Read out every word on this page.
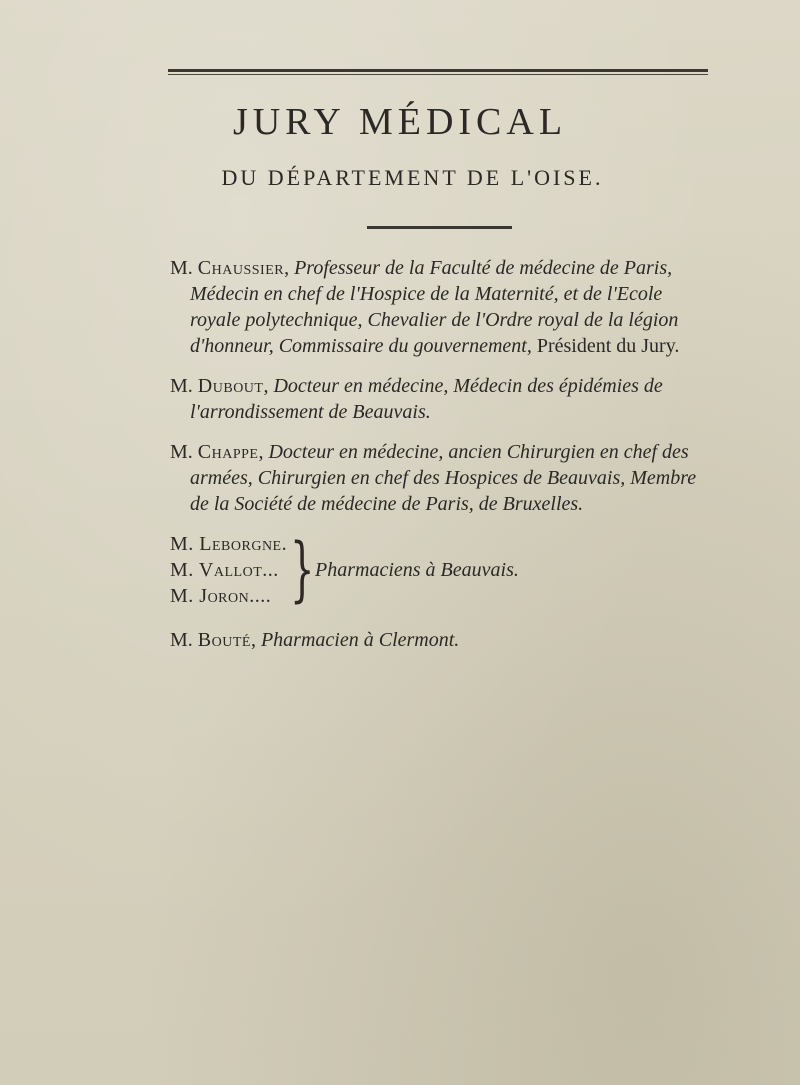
JURY MÉDICAL
DU DÉPARTEMENT DE L'OISE.
M. Chaussier, Professeur de la Faculté de médecine de Paris, Médecin en chef de l'Hospice de la Maternité, et de l'Ecole royale polytechnique, Chevalier de l'Ordre royal de la légion d'honneur, Commissaire du gouvernement, Président du Jury.
M. Dubout, Docteur en médecine, Médecin des épidémies de l'arrondissement de Beauvais.
M. Chappe, Docteur en médecine, ancien Chirurgien en chef des armées, Chirurgien en chef des Hospices de Beauvais, Membre de la Société de médecine de Paris, de Bruxelles.
M. Leborgne.
M. Vallot...
M. Joron.... } Pharmaciens à Beauvais.
M. Bouté, Pharmacien à Clermont.
